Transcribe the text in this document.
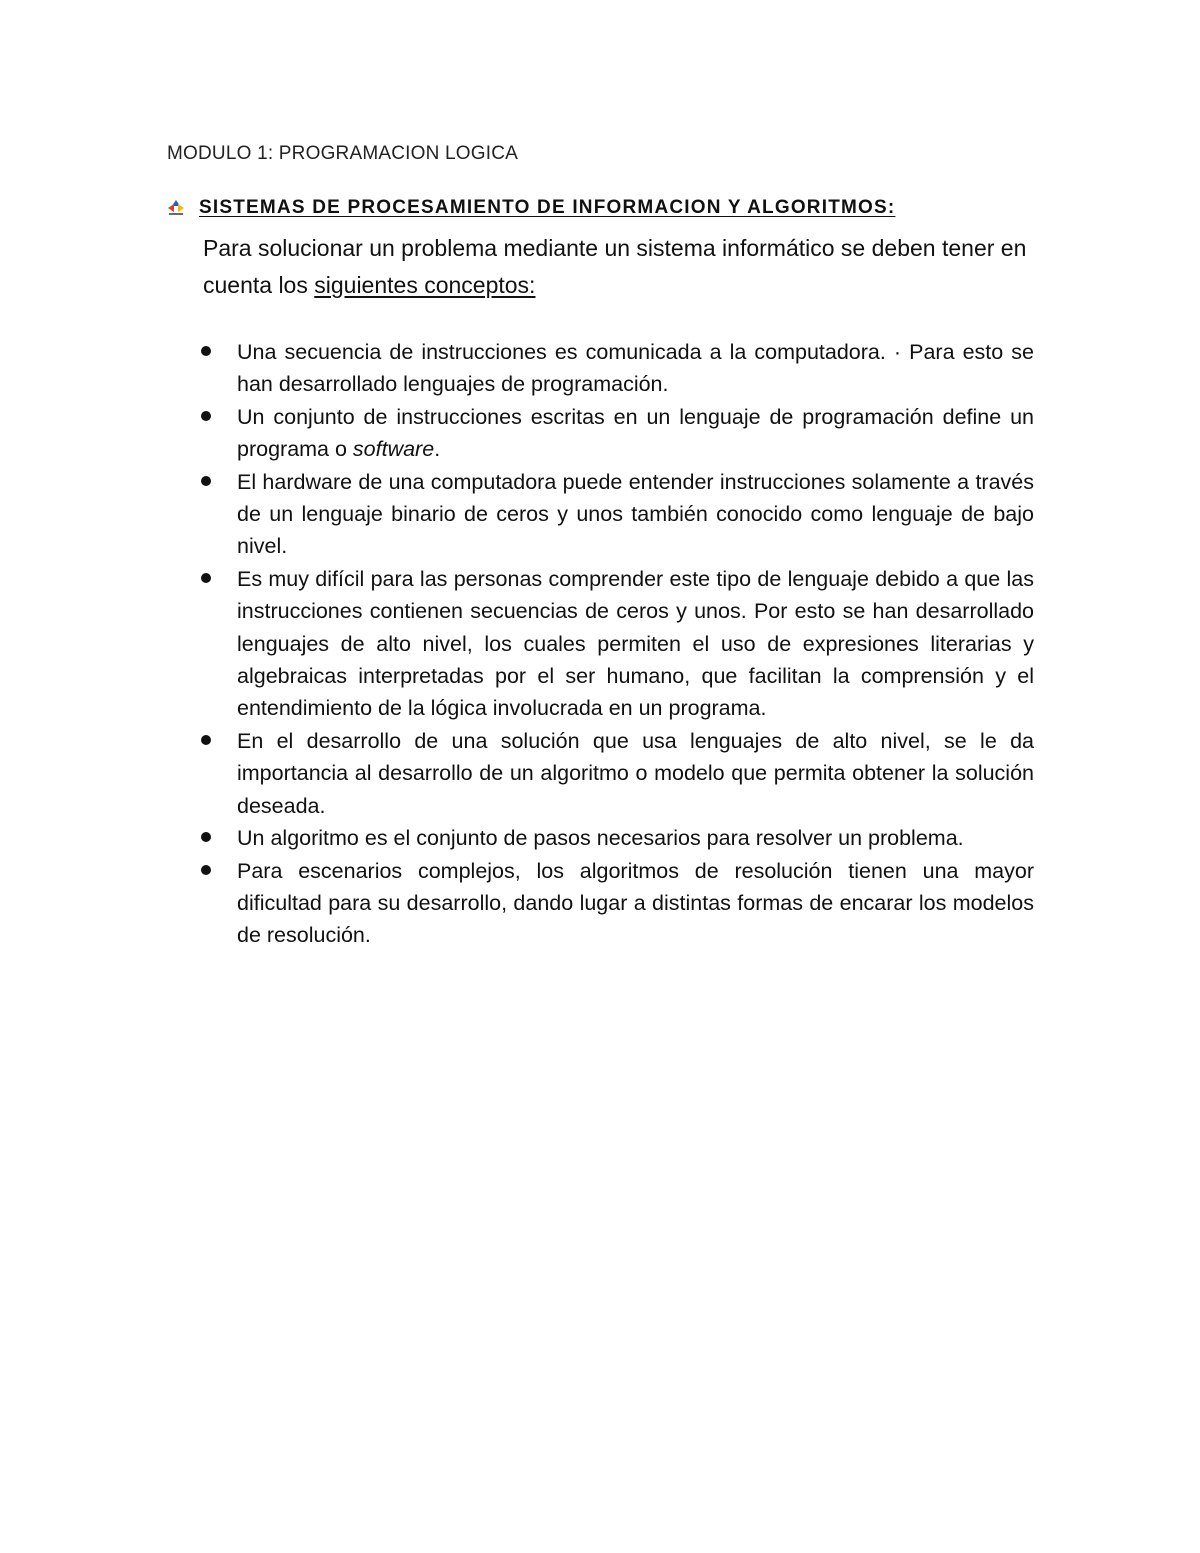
MODULO 1: PROGRAMACION LOGICA
SISTEMAS DE PROCESAMIENTO DE INFORMACION Y ALGORITMOS:
Para solucionar un problema mediante un sistema informático se deben tener en cuenta los siguientes conceptos:
Una secuencia de instrucciones es comunicada a la computadora. · Para esto se han desarrollado lenguajes de programación.
Un conjunto de instrucciones escritas en un lenguaje de programación define un programa o software.
El hardware de una computadora puede entender instrucciones solamente a través de un lenguaje binario de ceros y unos también conocido como lenguaje de bajo nivel.
Es muy difícil para las personas comprender este tipo de lenguaje debido a que las instrucciones contienen secuencias de ceros y unos. Por esto se han desarrollado lenguajes de alto nivel, los cuales permiten el uso de expresiones literarias y algebraicas interpretadas por el ser humano, que facilitan la comprensión y el entendimiento de la lógica involucrada en un programa.
En el desarrollo de una solución que usa lenguajes de alto nivel, se le da importancia al desarrollo de un algoritmo o modelo que permita obtener la solución deseada.
Un algoritmo es el conjunto de pasos necesarios para resolver un problema.
Para escenarios complejos, los algoritmos de resolución tienen una mayor dificultad para su desarrollo, dando lugar a distintas formas de encarar los modelos de resolución.
